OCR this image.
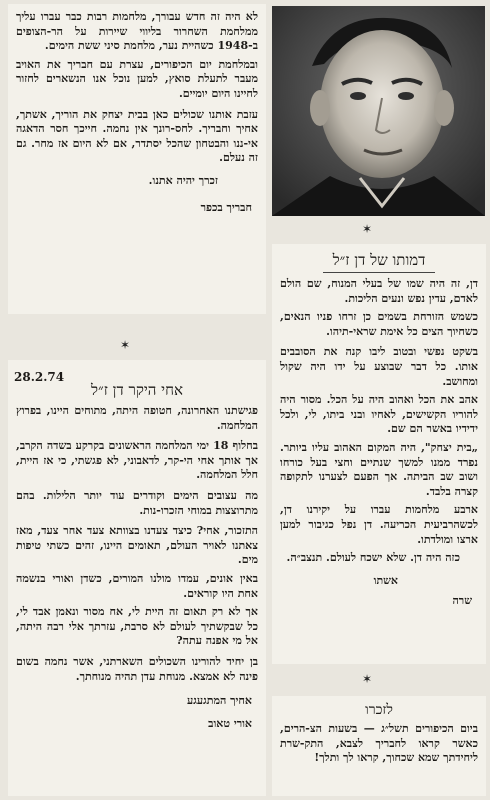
לא היה זה חדש עבורך, מלחמות רבות כבר עברו עליך ממלחמת השחרור בליווי שיירות על הר-הצופים ב-1948 כשהיית נער, מלחמת סיני ששת הימים.

ובמלחמת יום הכיפורים, עצרת עם חבריך את האויב מעבר לתעלת סואץ, למען נוכל אנו הנשארים לחזור לחיינו היום יומיים.

עזבת אותנו שכולים כאן בבית יצחק את הוריך, אשתך, אחיך וחבריך. לחס-רונך אין נחמה. חייכך חסר הדאגה אי-ננו והבטחון שהכל יסתדר, אם לא היום אז מחר. גם זה נעלם.

זכרך יהיה אתנו.

חבריך בכפר

✶
28.2.74
אחי היקר דן ז״ל

פגישתנו האחרונה, חטופה היתה, מתוחים היינו, בפרוץ המלחמה.

בחלוף 18 ימי המלחמה הראשונים בקרקע בשדה הקרב, אך אותך אחי הי-קר, לדאבוני, לא פגשתי, כי אז היית, חלל המלחמה.

מה עצובים הימים וקודרים עוד יותר הלילות. בהם מתרוצצות במוחי הזכרו-נות.

התזכור, אחי? כיצד צעדנו בצוותא צעד אחר צעד, מאז צאתנו לאויר העולם, תאומים היינו, זהים כשתי טיפות מים.

באין אונים, עמדו מולנו המורים, כשדן ואורי בנשמה אחת היו קוראים.

אך לא רק תאום זה היית לי, אח מסור ונאמן אבד לי, כל שבקשתיך לעולם לא סרבת, עזרתך אלי רבה היתה, אל מי אפנה עתה?

בן יחיד להורינו השכולים השארתני, אשר נחמה בשום פינה לא אמצא. מנוחת עדן תהיה מנוחתך.

אחיך המתגעגע

אורי טאוב

✶
דמותו של דן ז״ל

דן, זה היה שמו של בעלי המנוח, שם הולם לאדם, עדין נפש ונעים הליכות.

כשמש הזורחת בשמים כן זרחו פניו הנאים, כשחיוך הצים כל אימת שראי-תיהו.

בשקט נפשי ובטוב ליבו קנה את הסובבים אותו. כל דבר שבוצע על ידו היה שקול ומחושב.

אהב את הכל ואהוב היה על הכל. מסור היה להוריו הקשישים, לאחיו ובני ביתו, לי, ולכל ידידיו באשר הם שם.

„בית יצחק", היה המקום האהוב עליו ביותר. נפרד ממנו למשך שנתיים וחצי בעל כורחו ושוב שב הביתה. אך הפעם לצערנו לתקופה קצרה בלבד.

ארבע מלחמות עברו על יקירנו דן, לכשהרביעית הכריעה. דן נפל כגיבור למען ארצו ומולדתו.

כזה היה דן. שלא ישכח לעולם. תנצב״ה.

אשתו

שרה

✶
לזכרו

ביום הכיפורים תשל״ג — בשעות הצ-הרים, כאשר קראו לחבריך לצבא, התק-שרת ליחידתך שמא שכחוך, קראו לך ותלך!
